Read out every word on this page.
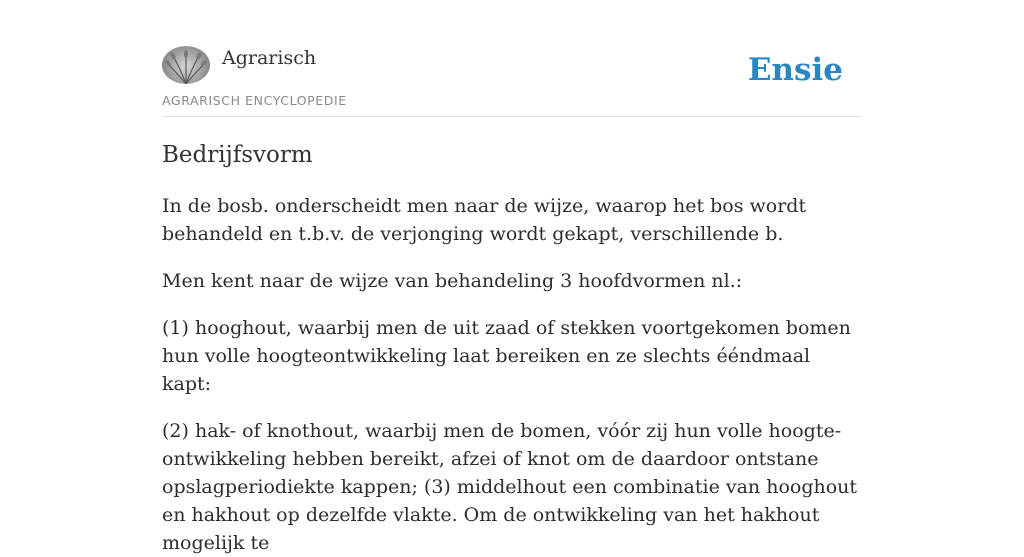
Agrarisch
AGRARISCH ENCYCLOPEDIE
Ensie
Bedrijfsvorm

In de bosb. onderscheidt men naar de wijze, waarop het bos wordt behandeld en t.b.v. de verjonging wordt gekapt, verschillende b.

Men kent naar de wijze van behandeling 3 hoofdvormen nl.:

(1) hooghout, waarbij men de uit zaad of stekken voortgekomen bomen hun volle hoogteontwikkeling laat bereiken en ze slechts ééndmaal kapt:

(2) hak- of knothout, waarbij men de bomen, vóór zij hun volle hoogte-ontwikkeling hebben bereikt, afzei of knot om de daardoor ontstane opslagperiodiekte kappen; (3) middelhout een combinatie van hooghout en hakhout op dezelfde vlakte. Om de ontwikkeling van het hakhout mogelijk te
